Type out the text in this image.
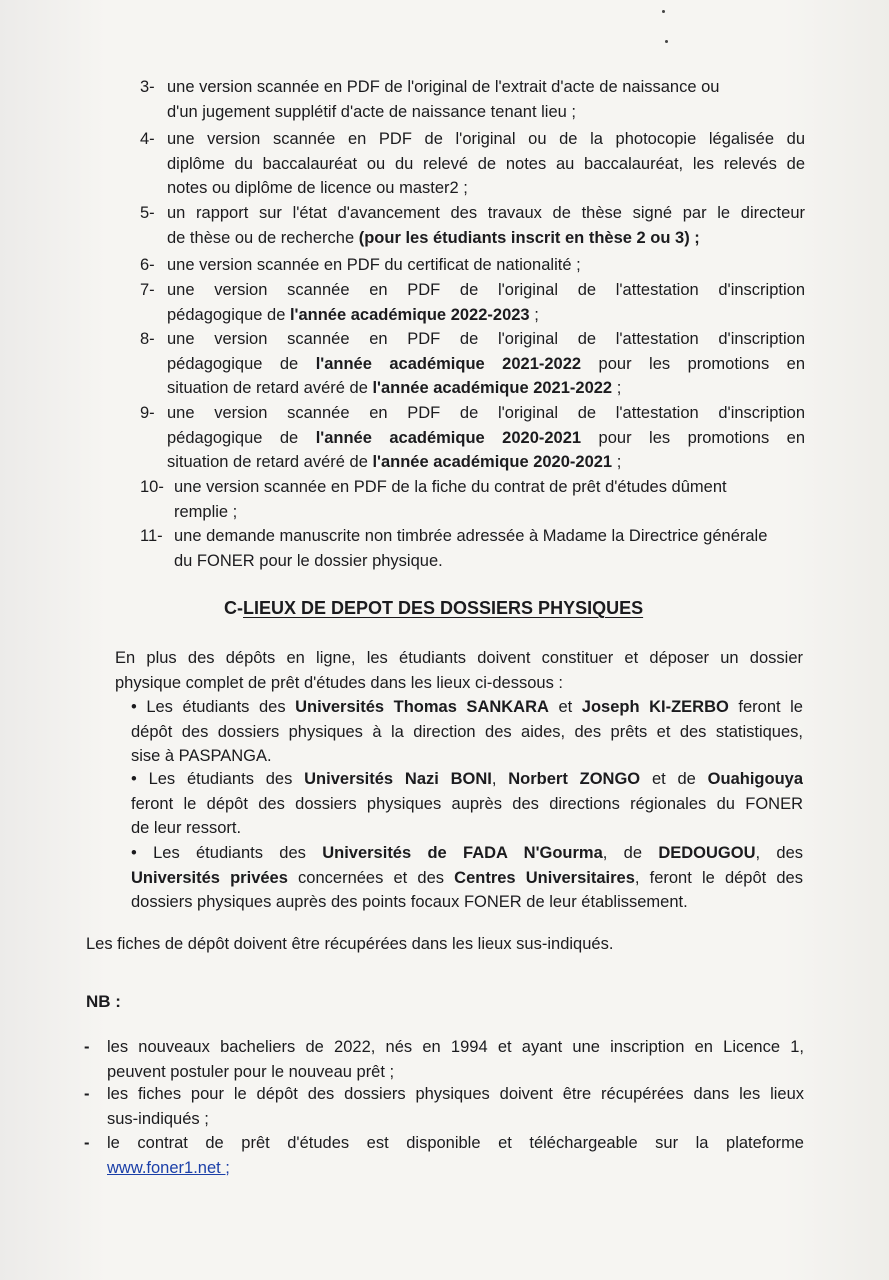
3- une version scannée en PDF de l'original de l'extrait d'acte de naissance ou
d'un jugement supplétif d'acte de naissance tenant lieu ;
4- une version scannée en PDF de l'original ou de la photocopie légalisée du
diplôme du baccalauréat ou du relevé de notes au baccalauréat, les relevés de
notes ou diplôme de licence ou master2 ;
5- un rapport sur l'état d'avancement des travaux de thèse signé par le directeur
de thèse ou de recherche (pour les étudiants inscrit en thèse 2 ou 3) ;
6- une version scannée en PDF du certificat de nationalité ;
7- une version scannée en PDF de l'original de l'attestation d'inscription
pédagogique de l'année académique 2022-2023 ;
8- une version scannée en PDF de l'original de l'attestation d'inscription
pédagogique de l'année académique 2021-2022 pour les promotions en
situation de retard avéré de l'année académique 2021-2022 ;
9- une version scannée en PDF de l'original de l'attestation d'inscription
pédagogique de l'année académique 2020-2021 pour les promotions en
situation de retard avéré de l'année académique 2020-2021 ;
10- une version scannée en PDF de la fiche du contrat de prêt d'études dûment
remplie ;
11- une demande manuscrite non timbrée adressée à Madame la Directrice générale
du FONER pour le dossier physique.
C-LIEUX DE DEPOT DES DOSSIERS PHYSIQUES
En plus des dépôts en ligne, les étudiants doivent constituer et déposer un dossier
physique complet de prêt d'études dans les lieux ci-dessous :
• Les étudiants des Universités Thomas SANKARA et Joseph KI-ZERBO feront le
dépôt des dossiers physiques à la direction des aides, des prêts et des statistiques,
sise à PASPANGA.
• Les étudiants des Universités Nazi BONI, Norbert ZONGO et de Ouahigouya
feront le dépôt des dossiers physiques auprès des directions régionales du FONER
de leur ressort.
• Les étudiants des Universités de FADA N'Gourma, de DEDOUGOU, des
Universités privées concernées et des Centres Universitaires, feront le dépôt des
dossiers physiques auprès des points focaux FONER de leur établissement.
Les fiches de dépôt doivent être récupérées dans les lieux sus-indiqués.
NB :
- les nouveaux bacheliers de 2022, nés en 1994 et ayant une inscription en Licence 1,
peuvent postuler pour le nouveau prêt ;
- les fiches pour le dépôt des dossiers physiques doivent être récupérées dans les lieux
sus-indiqués ;
- le contrat de prêt d'études est disponible et téléchargeable sur la plateforme
www.foner1.net ;
